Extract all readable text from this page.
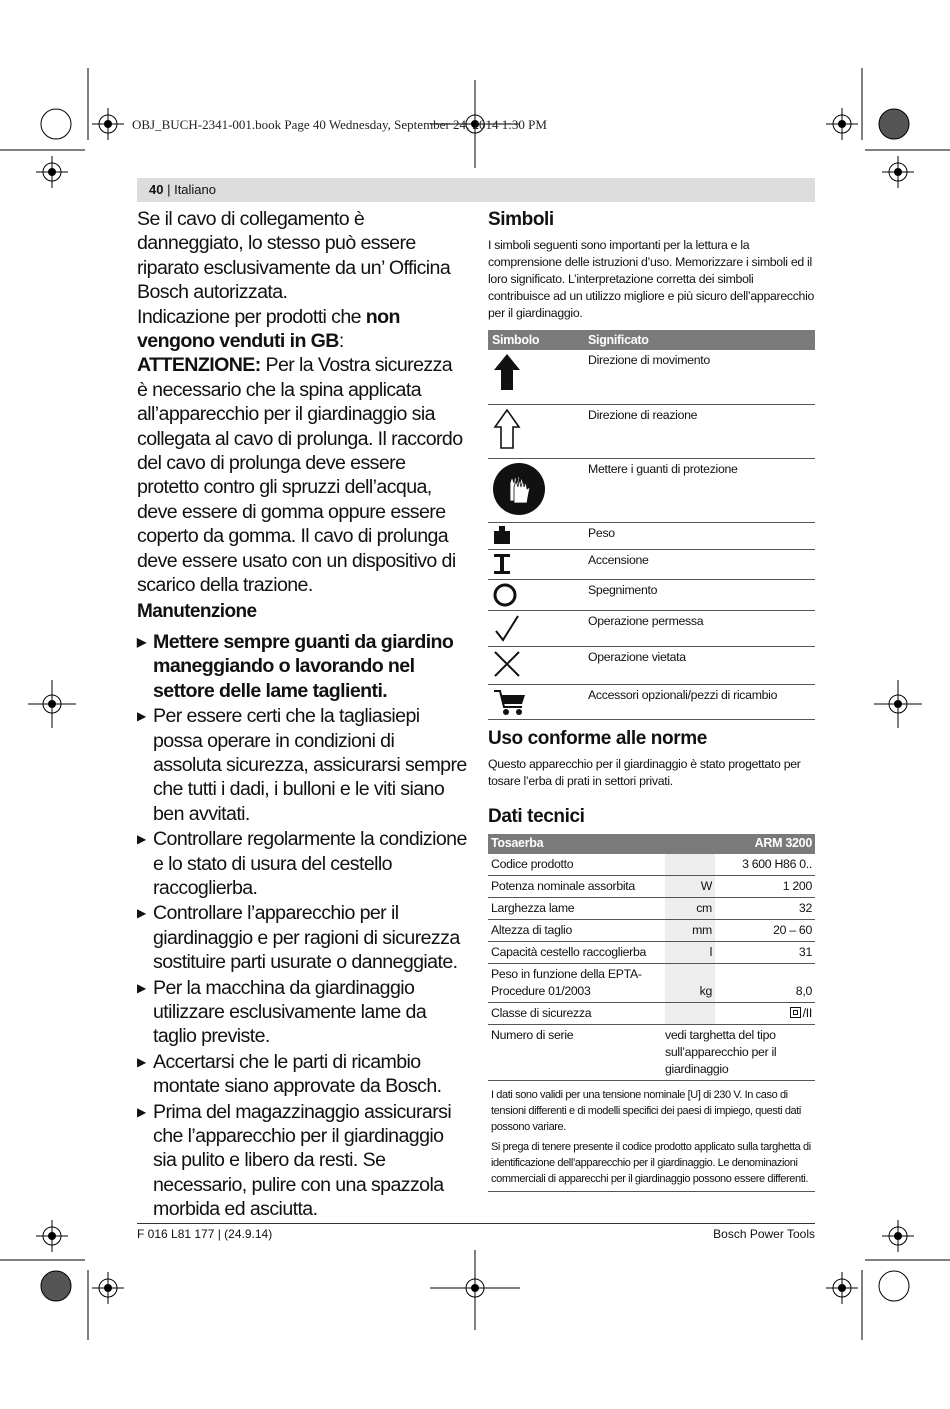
OBJ_BUCH-2341-001.book Page 40 Wednesday, September 24, 2014 1:30 PM
40 | Italiano

Se il cavo di collegamento è danneggiato, lo stesso può essere riparato esclusivamente da un’ Officina Bosch autorizzata.

Indicazione per prodotti che non vengono venduti in GB:

ATTENZIONE: Per la Vostra sicurezza è necessario che la spina applicata all’apparecchio per il giardinaggio sia collegata al cavo di prolunga. Il raccordo del cavo di prolunga deve essere protetto contro gli spruzzi dell’acqua, deve essere di gomma oppure essere coperto da gomma. Il cavo di prolunga deve essere usato con un dispositivo di scarico della trazione.

Manutenzione

▶ Mettere sempre guanti da giardino maneggiando o lavorando nel settore delle lame taglienti.
▶ Per essere certi che la tagliasiepi possa operare in condizioni di assoluta sicurezza, assicurarsi sempre che tutti i dadi, i bulloni e le viti siano ben avvitati.
▶ Controllare regolarmente la condizione e lo stato di usura del cestello raccoglierba.
▶ Controllare l’apparecchio per il giardinaggio e per ragioni di sicurezza sostituire parti usurate o danneggiate.
▶ Per la macchina da giardinaggio utilizzare esclusivamente lame da taglio previste.
▶ Accertarsi che le parti di ricambio montate siano approvate da Bosch.
▶ Prima del magazzinaggio assicurarsi che l’apparecchio per il giardinaggio sia pulito e libero da resti. Se necessario, pulire con una spazzola morbida ed asciutta.
Simboli

I simboli seguenti sono importanti per la lettura e la comprensione delle istruzioni d’uso. Memorizzare i simboli ed il loro significato. L’interpretazione corretta dei simboli contribuisce ad un utilizzo migliore e più sicuro dell’apparecchio per il giardinaggio.

Simbolo	Significato

	Direzione di movimento

	Direzione di reazione

	Mettere i guanti di protezione

	Peso

	Accensione

	Spegnimento

	Operazione permessa

	Operazione vietata

	Accessori opzionali/pezzi di ricambio
Uso conforme alle norme

Questo apparecchio per il giardinaggio è stato progettato per tosare l’erba di prati in settori privati.

Dati tecnici
Tosaerba		ARM 3200
Codice prodotto		3 600 H86 0..
Potenza nominale assorbita	W	1 200
Larghezza lame	cm	32
Altezza di taglio	mm	20 – 60
Capacità cestello raccoglierba	l	31
Peso in funzione della EPTA-Procedure 01/2003	kg	8,0
Classe di sicurezza		/II
Numero di serie	vedi targhetta del tipo sull’apparecchio per il giardinaggio	

I dati sono validi per una tensione nominale [U] di 230 V. In caso di tensioni differenti e di modelli specifici dei paesi di impiego, questi dati possono variare.

Si prega di tenere presente il codice prodotto applicato sulla targhetta di identificazione dell’apparecchio per il giardinaggio. Le denominazioni commerciali di apparecchi per il giardinaggio possono essere differenti.		

F 016 L81 177 | (24.9.14)	Bosch Power Tools
